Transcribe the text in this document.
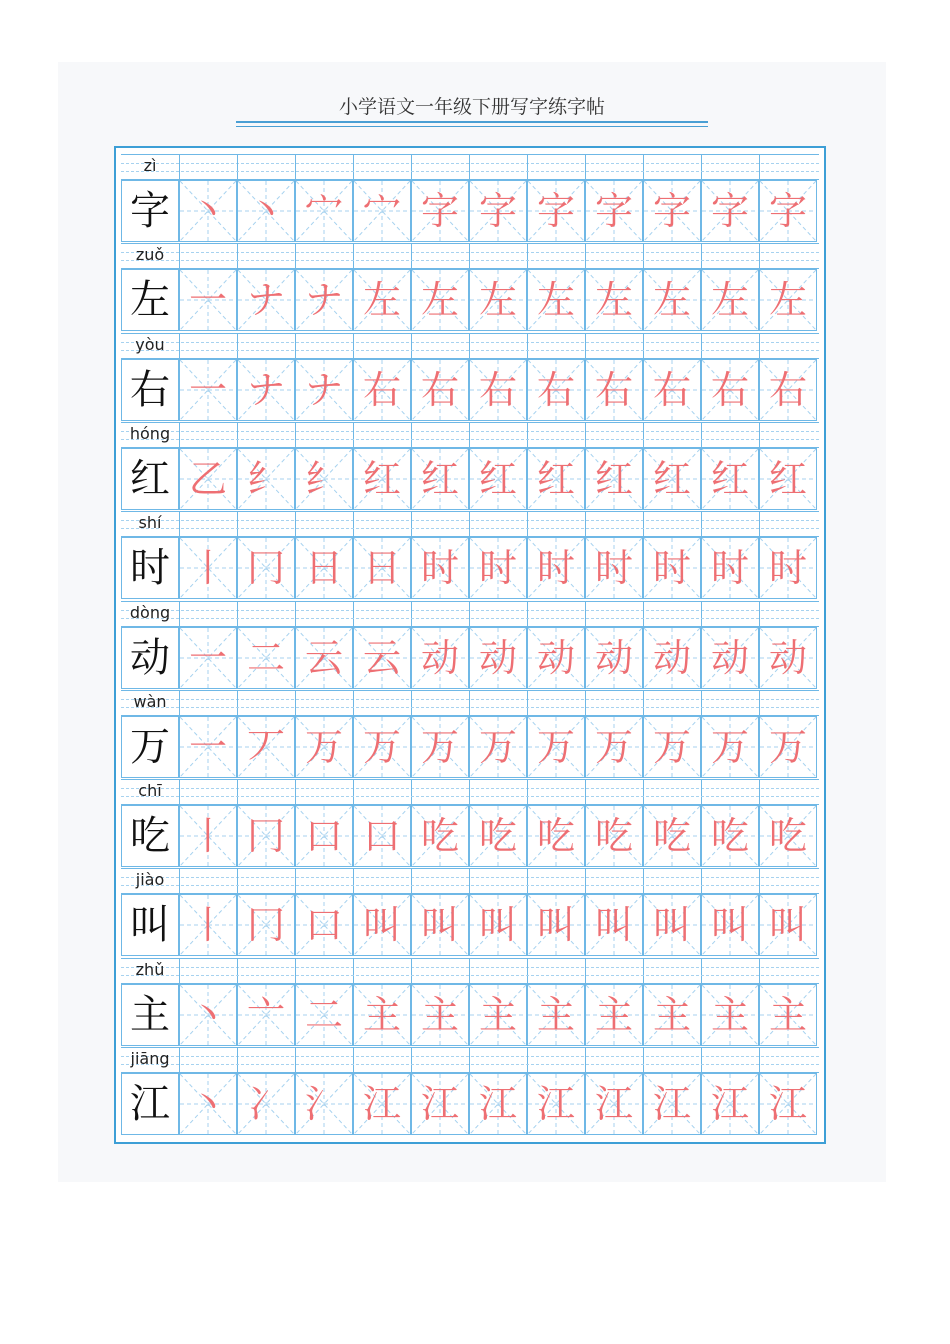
小学语文一年级下册写字练字帖
zì
字 丶 丶 宀 宀 字 字 字 字 字 字 字
zuǒ
左 一 ナ ナ 左 左 左 左 左 左 左 左
yòu
右 一 ナ ナ 右 右 右 右 右 右 右 右
hóng
红 乙 纟 纟 红 红 红 红 红 红 红 红
shí
时 丨 冂 日 日 时 时 时 时 时 时 时
dòng
动 一 二 云 云 动 动 动 动 动 动 动
wàn
万 一 丆 万 万 万 万 万 万 万 万 万
chī
吃 丨 冂 口 口 吃 吃 吃 吃 吃 吃 吃
jiào
叫 丨 冂 口 叫 叫 叫 叫 叫 叫 叫 叫
zhǔ
主 丶 亠 二 主 主 主 主 主 主 主 主
jiāng
江 丶 冫 氵 江 江 江 江 江 江 江 江
